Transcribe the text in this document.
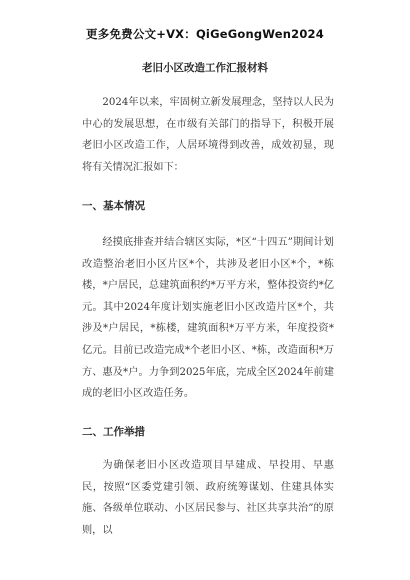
更多免费公文+VX：QiGeGongWen2024
老旧小区改造工作汇报材料

2024年以来，牢固树立新发展理念，坚持以人民为中心的发展思想，在市级有关部门的指导下，积极开展老旧小区改造工作，人居环境得到改善，成效初显，现将有关情况汇报如下：

一、基本情况

经摸底排查并结合辖区实际，*区“十四五”期间计划改造整治老旧小区片区*个，共涉及老旧小区*个，*栋楼，*户居民，总建筑面积约*万平方米，整体投资约*亿元。其中2024年度计划实施老旧小区改造片区*个，共涉及*户居民，*栋楼，建筑面积*万平方米，年度投资*亿元。目前已改造完成*个老旧小区、*栋，改造面积*万方、惠及*户。力争到2025年底，完成全区2024年前建成的老旧小区改造任务。

二、工作举措

为确保老旧小区改造项目早建成、早投用、早惠民，按照“区委党建引领、政府统筹谋划、住建具体实施、各级单位联动、小区居民参与、社区共享共治”的原则，以
